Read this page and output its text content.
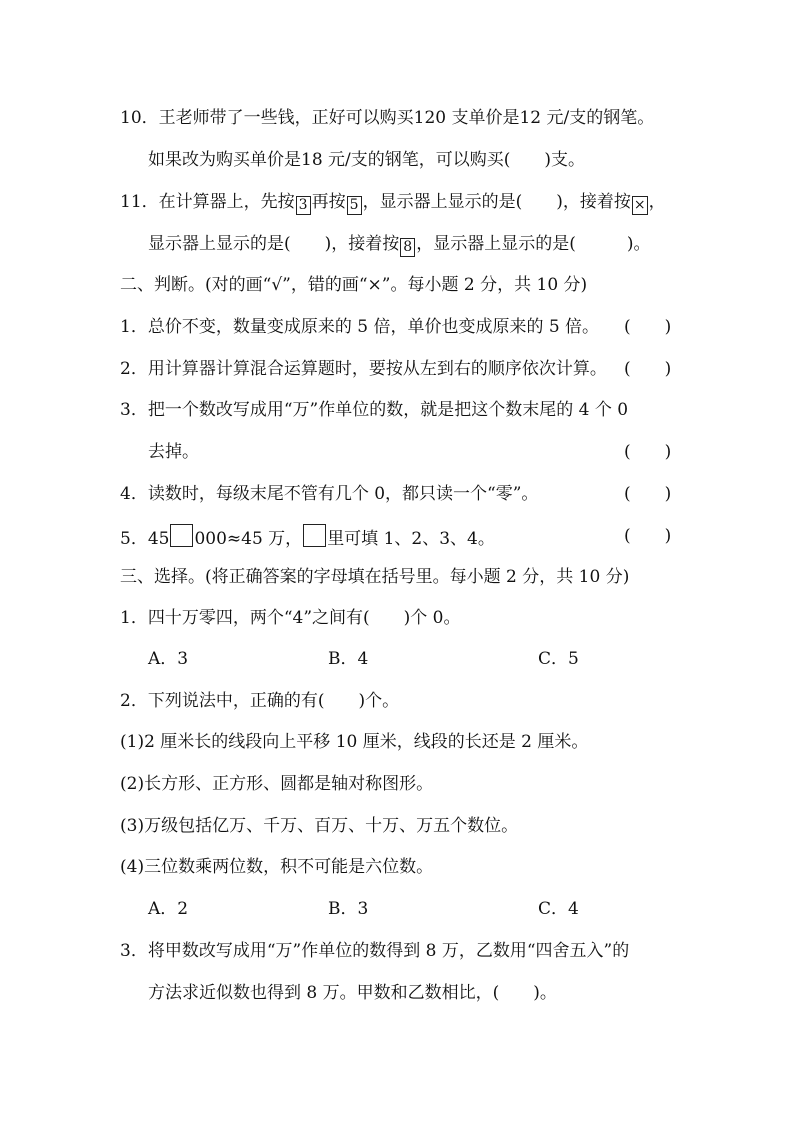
10．王老师带了一些钱，正好可以购买120 支单价是12 元/支的钢笔。
如果改为购买单价是18 元/支的钢笔，可以购买(　　)支。
11．在计算器上，先按 3 再按 5 ，显示器上显示的是(　　)，接着按 × ，
显示器上显示的是(　　)，接着按 8 ，显示器上显示的是(　　　)。
二、判断。(对的画“√”，错的画“×”。每小题 2 分，共 10 分)
1．总价不变，数量变成原来的 5 倍，单价也变成原来的 5 倍。 (　　)
2．用计算器计算混合运算题时，要按从左到右的顺序依次计算。 (　　)
3．把一个数改写成用“万”作单位的数，就是把这个数末尾的 4 个 0
去掉。	(　　)
4．读数时，每级末尾不管有几个 0，都只读一个“零”。	(　　)
5．45 000≈45 万， 里可填 1、2、3、4。	(　　)
三、选择。(将正确答案的字母填在括号里。每小题 2 分，共 10 分)
1．四十万零四，两个“4”之间有(　　)个 0。
A．3	B．4	C．5
2．下列说法中，正确的有(　　)个。
(1)2 厘米长的线段向上平移 10 厘米，线段的长还是 2 厘米。
(2)长方形、正方形、圆都是轴对称图形。
(3)万级包括亿万、千万、百万、十万、万五个数位。
(4)三位数乘两位数，积不可能是六位数。
A．2	B．3	C．4
3．将甲数改写成用“万”作单位的数得到 8 万，乙数用“四舍五入”的
方法求近似数也得到 8 万。甲数和乙数相比，(　　)。
